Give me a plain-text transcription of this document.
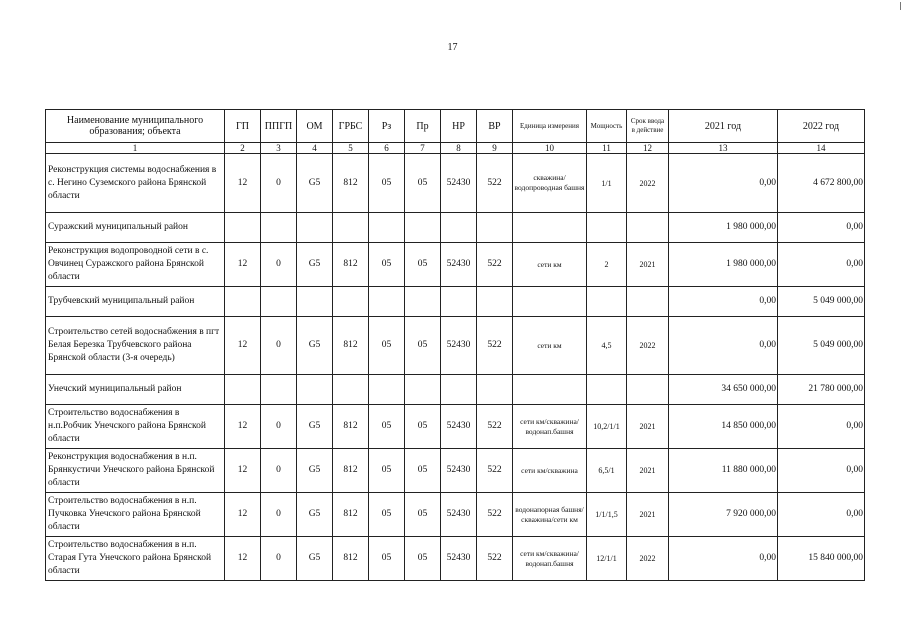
17
Наименование муниципального образования; объекта	ГП	ППГП	ОМ	ГРБС	Рз	Пр	НР	ВР	Единица измерения	Мощность	Срок ввода в действие	2021 год	2022 год
1	2	3	4	5	6	7	8	9	10	11	12	13	14
Реконструкция системы водоснабжения в с. Негино Суземского района Брянской области	12	0	G5	812	05	05	52430	522	скважина/водопроводная башня	1/1	2022	0,00	4 672 800,00
Суражский муниципальный район												1 980 000,00	0,00
Реконструкция водопроводной сети в с. Овчинец Суражского района Брянской области	12	0	G5	812	05	05	52430	522	сети км	2	2021	1 980 000,00	0,00
Трубчевский муниципальный район												0,00	5 049 000,00
Строительство сетей водоснабжения в пгт Белая Березка Трубчевского района Брянской области (3-я очередь)	12	0	G5	812	05	05	52430	522	сети км	4,5	2022	0,00	5 049 000,00
Унечский муниципальный район												34 650 000,00	21 780 000,00
Строительство водоснабжения в н.п.Робчик Унечского района Брянской области	12	0	G5	812	05	05	52430	522	сети км/скважина/водонап.башня	10,2/1/1	2021	14 850 000,00	0,00
Реконструкция водоснабжения в н.п. Брянкустичи Унечского района Брянской области	12	0	G5	812	05	05	52430	522	сети км/скважина	6,5/1	2021	11 880 000,00	0,00
Строительство водоснабжения в н.п. Пучковка Унечского района Брянской области	12	0	G5	812	05	05	52430	522	водонапорная башня/скважина/сети км	1/1/1,5	2021	7 920 000,00	0,00
Строительство водоснабжения в н.п. Старая Гута Унечского района Брянской области	12	0	G5	812	05	05	52430	522	сети км/скважина/водонап.башня	12/1/1	2022	0,00	15 840 000,00
